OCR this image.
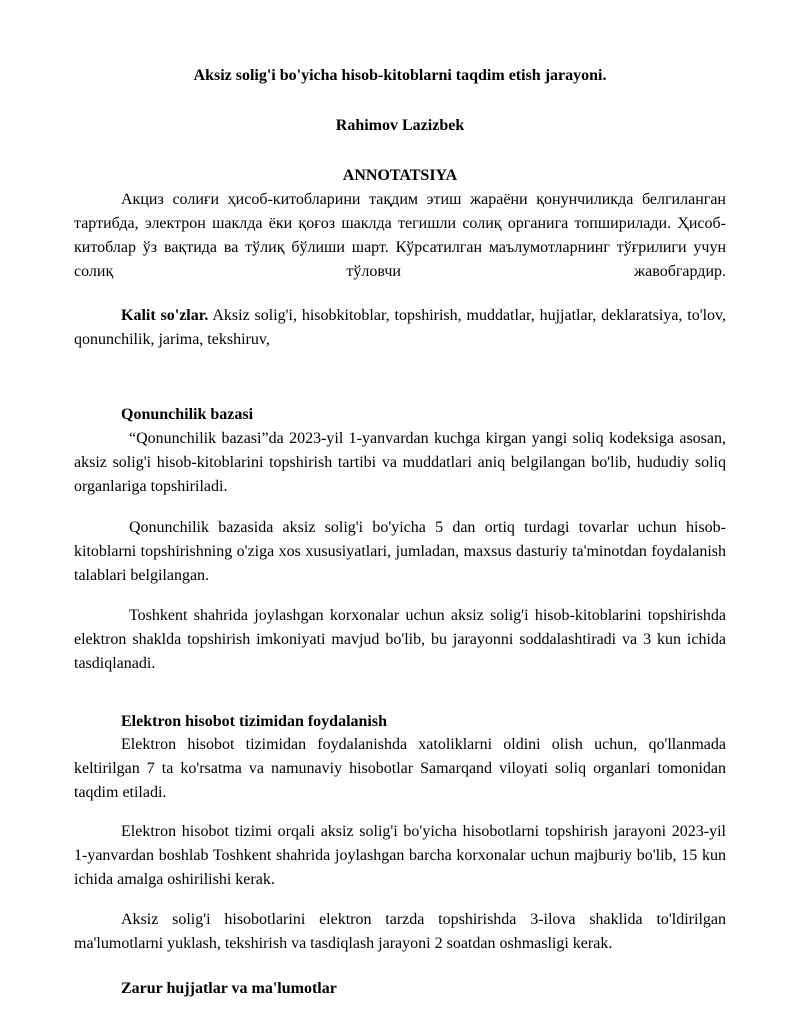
Aksiz solig'i bo'yicha hisob-kitoblarni taqdim etish jarayoni.
Rahimov Lazizbek
ANNOTATSIYA
Акциз солиғи ҳисоб-китобларини тақдим этиш жараёни қонунчиликда белгиланган тартибда, электрон шаклда ёки қоғоз шаклда тегишли солиқ органига топширилади. Ҳисоб-китоблар ўз вақтида ва тўлиқ бўлиши шарт. Кўрсатилган маълумотларнинг тўғрилиги учун солиқ тўловчи жавобгардир.
Kalit so'zlar. Aksiz solig'i, hisobkitoblar, topshirish, muddatlar, hujjatlar, deklaratsiya, to'lov, qonunchilik, jarima, tekshiruv,
Qonunchilik bazasi
“Qonunchilik bazasi”da 2023-yil 1-yanvardan kuchga kirgan yangi soliq kodeksiga asosan, aksiz solig'i hisob-kitoblarini topshirish tartibi va muddatlari aniq belgilangan bo'lib, hududiy soliq organlariga topshiriladi.
Qonunchilik bazasida aksiz solig'i bo'yicha 5 dan ortiq turdagi tovarlar uchun hisob-kitoblarni topshirishning o'ziga xos xususiyatlari, jumladan, maxsus dasturiy ta'minotdan foydalanish talablari belgilangan.
Toshkent shahrida joylashgan korxonalar uchun aksiz solig'i hisob-kitoblarini topshirishda elektron shaklda topshirish imkoniyati mavjud bo'lib, bu jarayonni soddalashtiradi va 3 kun ichida tasdiqlanadi.
Elektron hisobot tizimidan foydalanish
Elektron hisobot tizimidan foydalanishda xatoliklarni oldini olish uchun, qo'llanmada keltirilgan 7 ta ko'rsatma va namunaviy hisobotlar Samarqand viloyati soliq organlari tomonidan taqdim etiladi.
Elektron hisobot tizimi orqali aksiz solig'i bo'yicha hisobotlarni topshirish jarayoni 2023-yil 1-yanvardan boshlab Toshkent shahrida joylashgan barcha korxonalar uchun majburiy bo'lib, 15 kun ichida amalga oshirilishi kerak.
Aksiz solig'i hisobotlarini elektron tarzda topshirishda 3-ilova shaklida to'ldirilgan ma'lumotlarni yuklash, tekshirish va tasdiqlash jarayoni 2 soatdan oshmasligi kerak.
Zarur hujjatlar va ma'lumotlar
